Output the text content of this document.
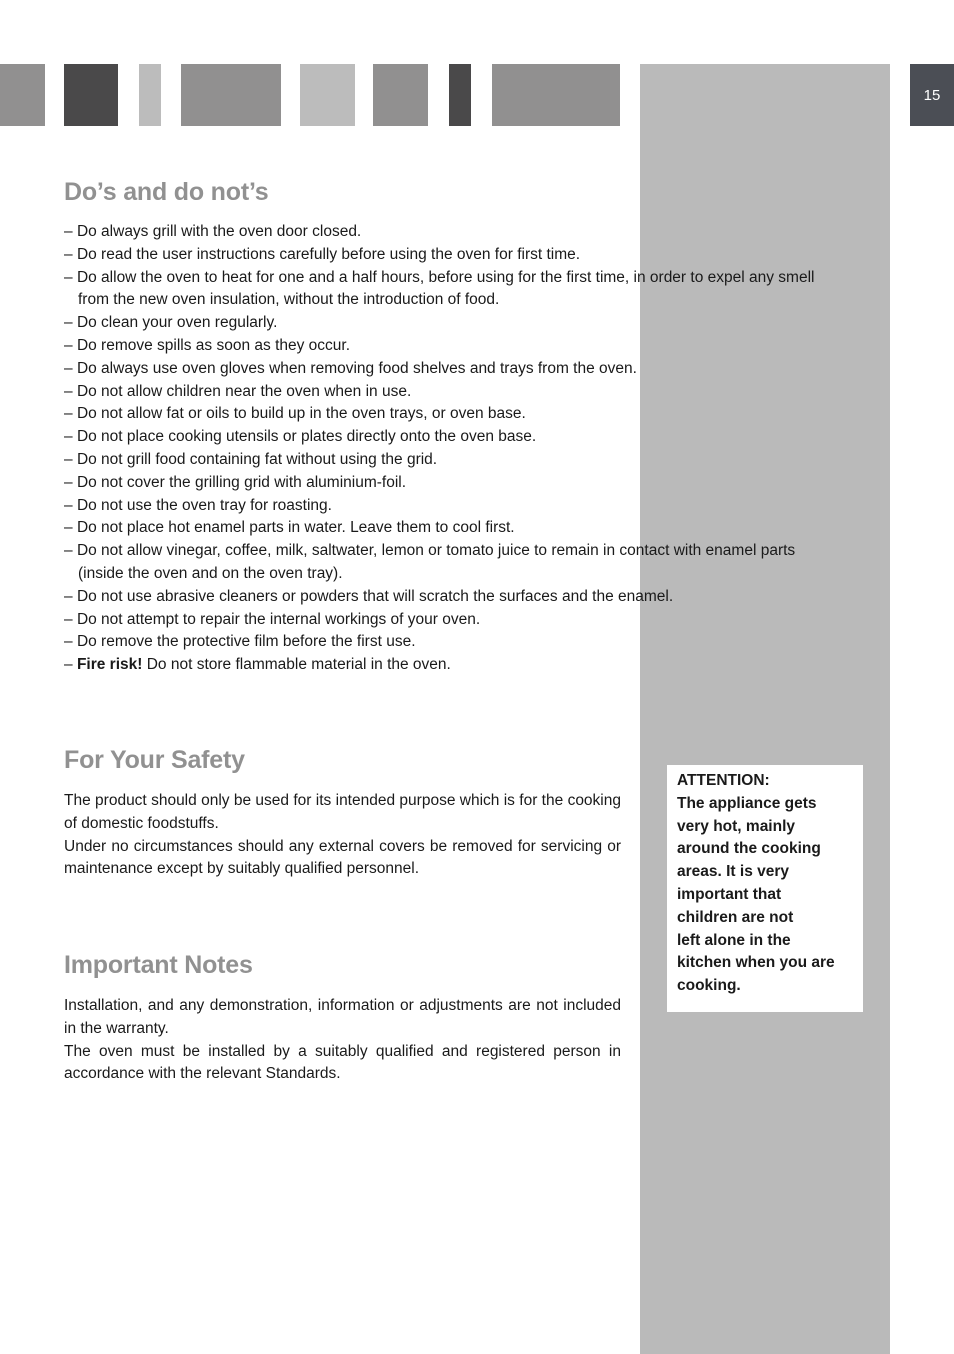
15
Do’s and do not’s
– Do always grill with the oven door closed.
– Do read the user instructions carefully before using the oven for first time.
– Do allow the oven to heat for one and a half hours, before using for the first time, in order to expel any smell from the new oven insulation, without the introduction of food.
– Do clean your oven regularly.
– Do remove spills as soon as they occur.
– Do always use oven gloves when removing food shelves and trays from the oven.
– Do not allow children near the oven when in use.
– Do not allow fat or oils to build up in the oven trays, or oven base.
– Do not place cooking utensils or plates directly onto the oven base.
– Do not grill food containing fat without using the grid.
– Do not cover the grilling grid with aluminium-foil.
– Do not use the oven tray for roasting.
– Do not place hot enamel parts in water. Leave them to cool first.
– Do not allow vinegar, coffee, milk, saltwater, lemon or tomato juice to remain in contact with enamel parts (inside the oven and on the oven tray).
– Do not use abrasive cleaners or powders that will scratch the surfaces and the enamel.
– Do not attempt to repair the internal workings of your oven.
– Do remove the protective film before the first use.
– Fire risk! Do not store flammable material in the oven.
For Your Safety

The product should only be used for its intended purpose which is for the cooking of domestic foodstuffs.

Under no circumstances should any external covers be removed for servicing or maintenance except by suitably qualified personnel.

Important Notes

Installation, and any demonstration, information or adjustments are not included in the warranty.

The oven must be installed by a suitably qualified and registered person in accordance with the relevant Standards.

ATTENTION:
The appliance gets
very hot, mainly
around the cooking
areas. It is very
important that
children are not
left alone in the
kitchen when you are
cooking.
